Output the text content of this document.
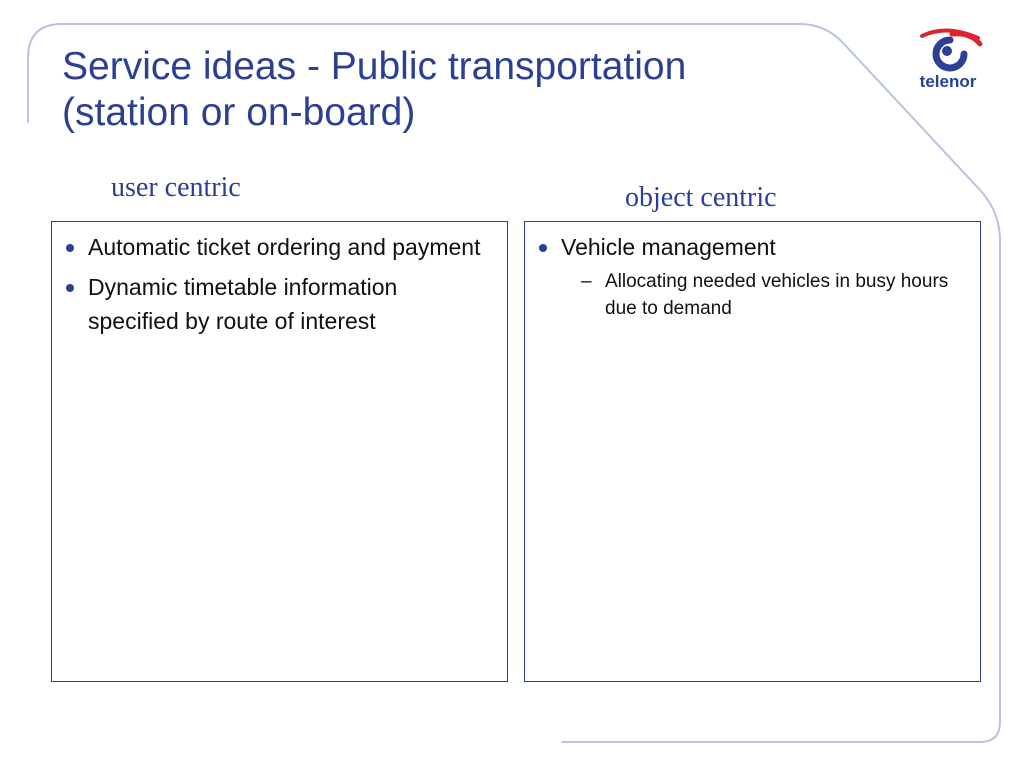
Service ideas - Public transportation
(station or on-board)
telenor
user centric	object centric
Automatic ticket ordering and payment
Dynamic timetable information specified by route of interest
Vehicle management
– Allocating needed vehicles in busy hours due to demand
